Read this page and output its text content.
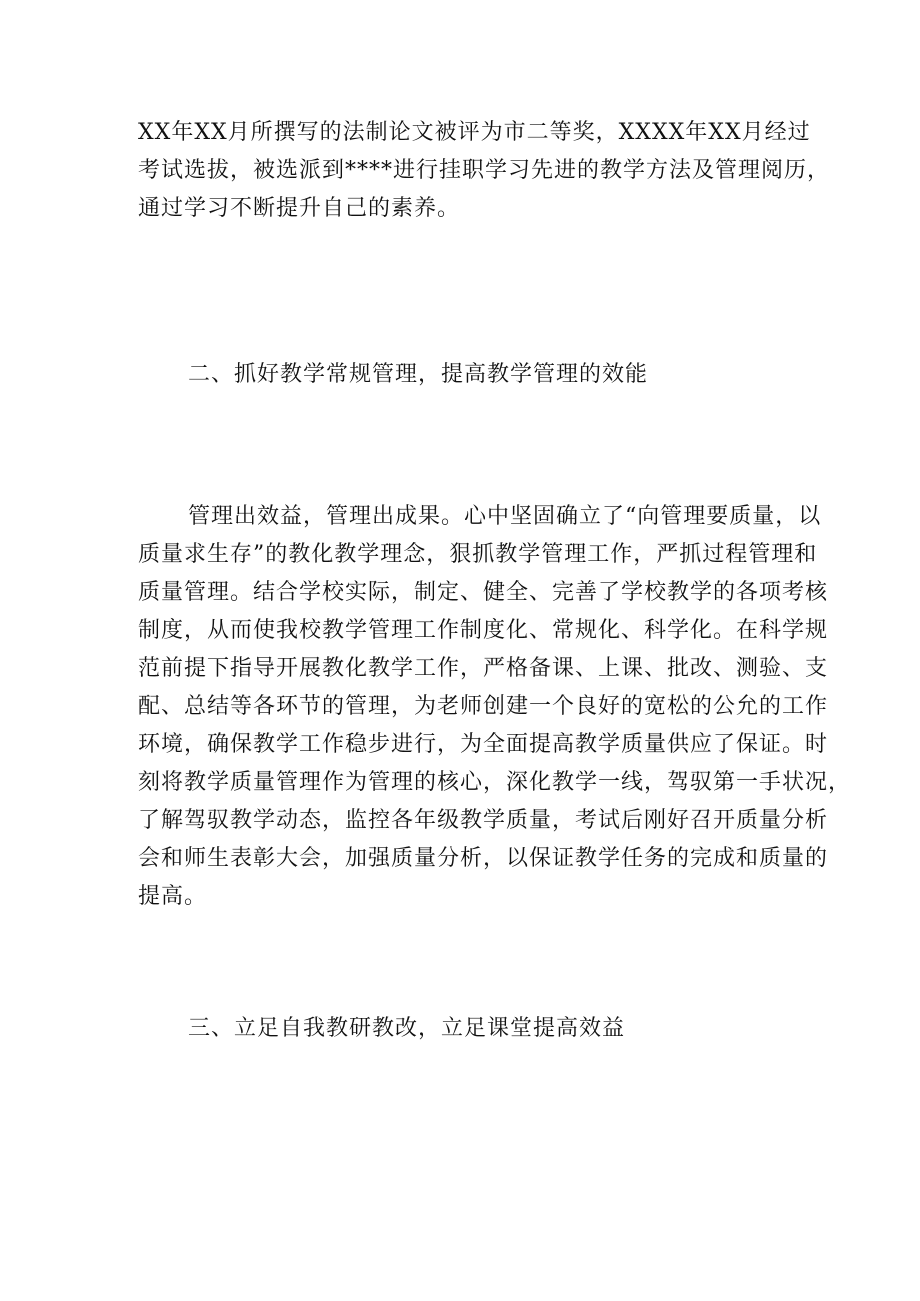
XX年XX月所撰写的法制论文被评为市二等奖，XXXX年XX月经过
考试选拔，被选派到****进行挂职学习先进的教学方法及管理阅历，
通过学习不断提升自己的素养。
二、抓好教学常规管理，提高教学管理的效能
管理出效益，管理出成果。心中坚固确立了“向管理要质量，以
质量求生存”的教化教学理念，狠抓教学管理工作，严抓过程管理和
质量管理。结合学校实际，制定、健全、完善了学校教学的各项考核
制度，从而使我校教学管理工作制度化、常规化、科学化。在科学规
范前提下指导开展教化教学工作，严格备课、上课、批改、测验、支
配、总结等各环节的管理，为老师创建一个良好的宽松的公允的工作
环境，确保教学工作稳步进行，为全面提高教学质量供应了保证。时
刻将教学质量管理作为管理的核心，深化教学一线，驾驭第一手状况，
了解驾驭教学动态，监控各年级教学质量，考试后刚好召开质量分析
会和师生表彰大会，加强质量分析，以保证教学任务的完成和质量的
提高。
三、立足自我教研教改，立足课堂提高效益
